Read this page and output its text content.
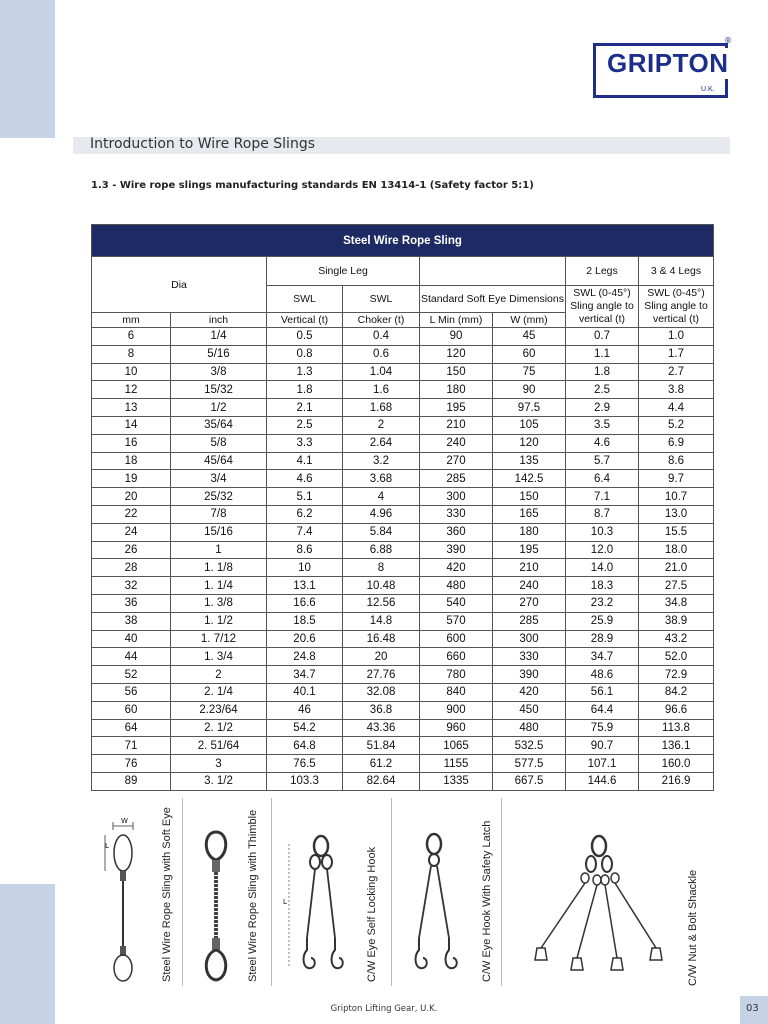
GRIPTON
U.K.
®
Introduction to Wire Rope Slings
1.3 - Wire rope slings manufacturing standards EN 13414-1 (Safety factor 5:1)
Steel Wire Rope Sling							
Dia		Single Leg				2 Legs	3 & 4 Legs
		SWL	SWL	Standard Soft Eye Dimensions		SWL (0-45°) Sling angle to vertical (t)	SWL (0-45°) Sling angle to vertical (t)
mm	inch	Vertical (t)	Choker (t)	L Min (mm)	W (mm)		
6	1/4	0.5	0.4	90	45	0.7	1.0
8	5/16	0.8	0.6	120	60	1.1	1.7
10	3/8	1.3	1.04	150	75	1.8	2.7
12	15/32	1.8	1.6	180	90	2.5	3.8
13	1/2	2.1	1.68	195	97.5	2.9	4.4
14	35/64	2.5	2	210	105	3.5	5.2
16	5/8	3.3	2.64	240	120	4.6	6.9
18	45/64	4.1	3.2	270	135	5.7	8.6
19	3/4	4.6	3.68	285	142.5	6.4	9.7
20	25/32	5.1	4	300	150	7.1	10.7
22	7/8	6.2	4.96	330	165	8.7	13.0
24	15/16	7.4	5.84	360	180	10.3	15.5
26	1	8.6	6.88	390	195	12.0	18.0
28	1. 1/8	10	8	420	210	14.0	21.0
32	1. 1/4	13.1	10.48	480	240	18.3	27.5
36	1. 3/8	16.6	12.56	540	270	23.2	34.8
38	1. 1/2	18.5	14.8	570	285	25.9	38.9
40	1. 7/12	20.6	16.48	600	300	28.9	43.2
44	1. 3/4	24.8	20	660	330	34.7	52.0
52	2	34.7	27.76	780	390	48.6	72.9
56	2. 1/4	40.1	32.08	840	420	56.1	84.2
60	2.23/64	46	36.8	900	450	64.4	96.6
64	2. 1/2	54.2	43.36	960	480	75.9	113.8
71	2. 51/64	64.8	51.84	1065	532.5	90.7	136.1
76	3	76.5	61.2	1155	577.5	107.1	160.0
89	3. 1/2	103.3	82.64	1335	667.5	144.6	216.9
Steel Wire Rope Sling with Soft Eye
W
L	Steel Wire Rope Sling with Thimble	L	C/W Eye Self Locking Hook	C/W Eye Hook With Safety Latch	C/W Nut & Bolt Shackle
Gripton Lifting Gear, U.K.	03
